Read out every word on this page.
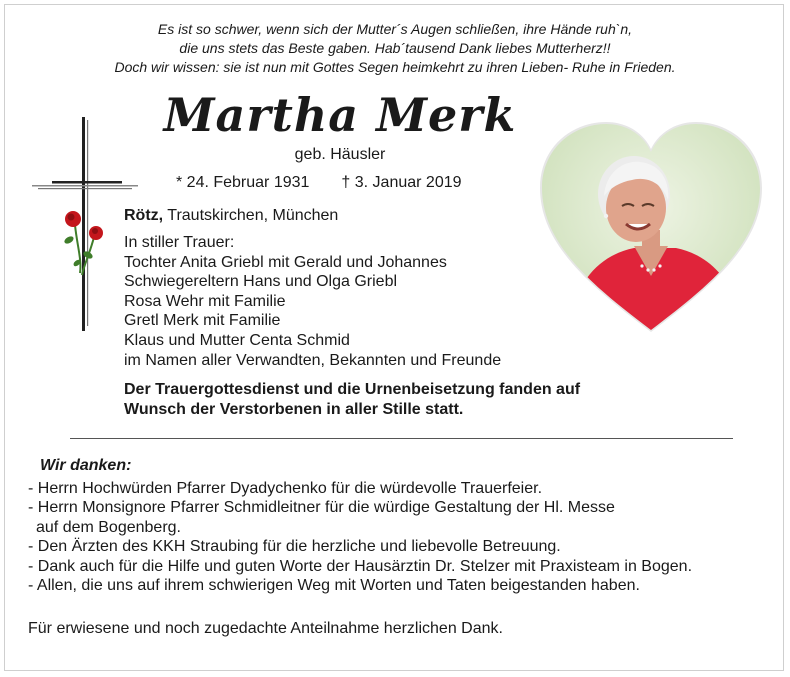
Es ist so schwer, wenn sich der Mutter´s Augen schließen, ihre Hände ruh`n,
die uns stets das Beste gaben. Hab´tausend Dank liebes Mutterherz!!
Doch wir wissen: sie ist nun mit Gottes Segen heimkehrt zu ihren Lieben- Ruhe in Frieden.
Martha Merk
geb. Häusler
* 24. Februar 1931 † 3. Januar 2019
Rötz, Trautskirchen, München
In stiller Trauer:
Tochter Anita Griebl mit Gerald und Johannes
Schwiegereltern Hans und Olga Griebl
Rosa Wehr mit Familie
Gretl Merk mit Familie
Klaus und Mutter Centa Schmid
im Namen aller Verwandten, Bekannten und Freunde
Der Trauergottesdienst und die Urnenbeisetzung fanden auf
Wunsch der Verstorbenen in aller Stille statt.
Wir danken:
- Herrn Hochwürden Pfarrer Dyadychenko für die würdevolle Trauerfeier.
- Herrn Monsignore Pfarrer Schmidleitner für die würdige Gestaltung der Hl. Messe
auf dem Bogenberg.
- Den Ärzten des KKH Straubing für die herzliche und liebevolle Betreuung.
- Dank auch für die Hilfe und guten Worte der Hausärztin Dr. Stelzer mit Praxisteam in Bogen.
- Allen, die uns auf ihrem schwierigen Weg mit Worten und Taten beigestanden haben.
Für erwiesene und noch zugedachte Anteilnahme herzlichen Dank.
